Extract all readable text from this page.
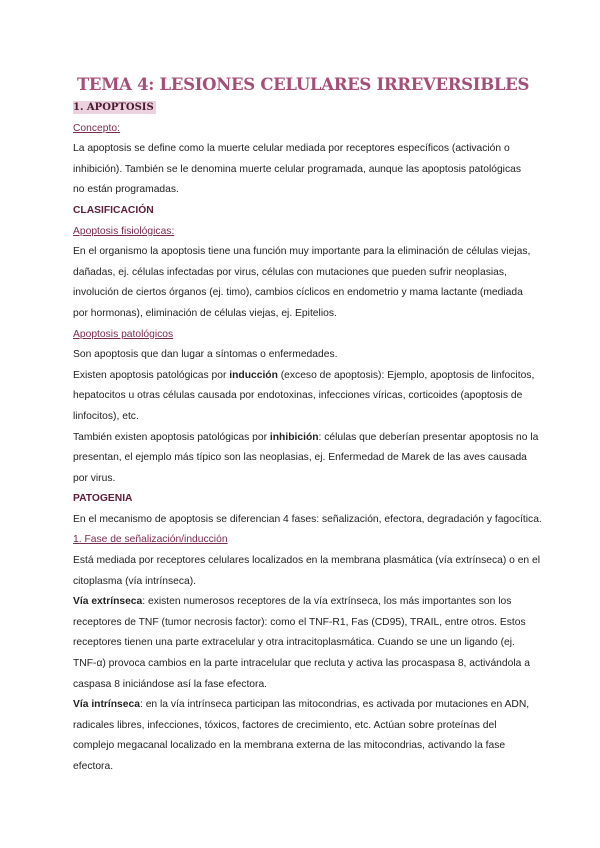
TEMA 4: LESIONES CELULARES IRREVERSIBLES
1. APOPTOSIS
Concepto:
La apoptosis se define como la muerte celular mediada por receptores específicos (activación o
inhibición). También se le denomina muerte celular programada, aunque las apoptosis patológicas
no están programadas.
CLASIFICACIÓN
Apoptosis fisiológicas:
En el organismo la apoptosis tiene una función muy importante para la eliminación de células viejas,
dañadas, ej. células infectadas por virus, células con mutaciones que pueden sufrir neoplasias,
involución de ciertos órganos (ej. timo), cambios cíclicos en endometrio y mama lactante (mediada
por hormonas), eliminación de células viejas, ej. Epitelios.
Apoptosis patológicos
Son apoptosis que dan lugar a síntomas o enfermedades.
Existen apoptosis patológicas por inducción (exceso de apoptosis): Ejemplo, apoptosis de linfocitos,
hepatocitos u otras células causada por endotoxinas, infecciones víricas, corticoides (apoptosis de
linfocitos), etc.
También existen apoptosis patológicas por inhibición: células que deberían presentar apoptosis no la
presentan, el ejemplo más típico son las neoplasias, ej. Enfermedad de Marek de las aves causada
por virus.
PATOGENIA
En el mecanismo de apoptosis se diferencian 4 fases: señalización, efectora, degradación y fagocítica.
1. Fase de señalización/inducción
Está mediada por receptores celulares localizados en la membrana plasmática (vía extrínseca) o en el
citoplasma (vía intrínseca).
Vía extrínseca: existen numerosos receptores de la vía extrínseca, los más importantes son los
receptores de TNF (tumor necrosis factor): como el TNF-R1, Fas (CD95), TRAIL, entre otros. Estos
receptores tienen una parte extracelular y otra intracitoplasmática. Cuando se une un ligando (ej.
TNF-α) provoca cambios en la parte intracelular que recluta y activa las procaspasa 8, activándola a
caspasa 8 iniciándose así la fase efectora.
Vía intrínseca: en la vía intrínseca participan las mitocondrias, es activada por mutaciones en ADN,
radicales libres, infecciones, tóxicos, factores de crecimiento, etc. Actúan sobre proteínas del
complejo megacanal localizado en la membrana externa de las mitocondrias, activando la fase
efectora.
